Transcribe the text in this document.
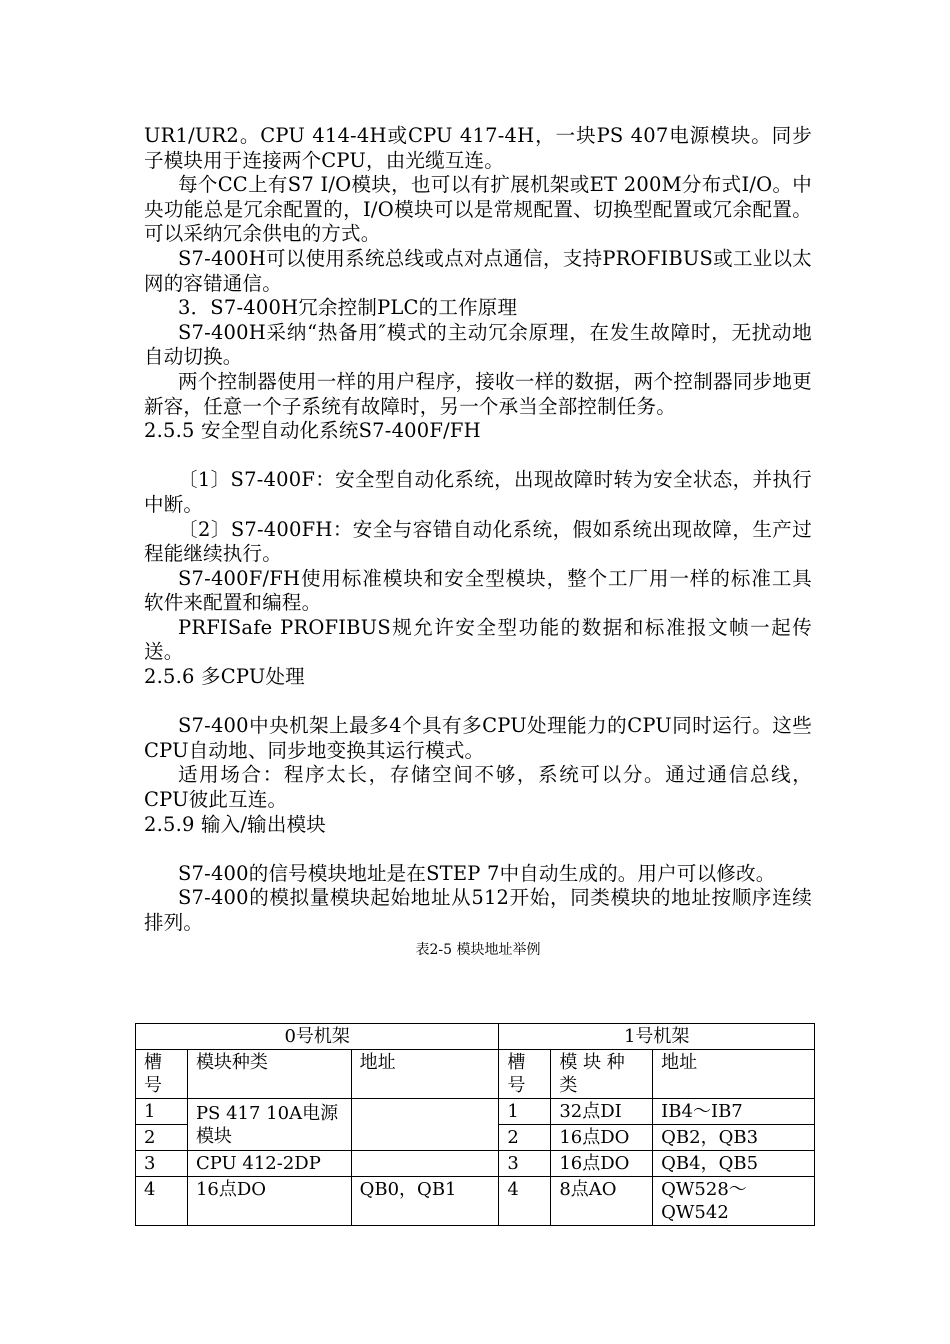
UR1/UR2。CPU 414-4H或CPU 417-4H，一块PS 407电源模块。同步子模块用于连接两个CPU，由光缆互连。

每个CC上有S7 I/O模块，也可以有扩展机架或ET 200M分布式I/O。中央功能总是冗余配置的，I/O模块可以是常规配置、切换型配置或冗余配置。可以采纳冗余供电的方式。

S7-400H可以使用系统总线或点对点通信，支持PROFIBUS或工业以太网的容错通信。

3．S7-400H冗余控制PLC的工作原理

S7-400H采纳“热备用″模式的主动冗余原理，在发生故障时，无扰动地自动切换。

两个控制器使用一样的用户程序，接收一样的数据，两个控制器同步地更新容，任意一个子系统有故障时，另一个承当全部控制任务。

2.5.5 安全型自动化系统S7-400F/FH

〔1〕S7-400F：安全型自动化系统，出现故障时转为安全状态，并执行中断。

〔2〕S7-400FH：安全与容错自动化系统，假如系统出现故障，生产过程能继续执行。

S7-400F/FH使用标准模块和安全型模块，整个工厂用一样的标准工具软件来配置和编程。

PRFISafe PROFIBUS规允许安全型功能的数据和标准报文帧一起传送。

2.5.6 多CPU处理

S7-400中央机架上最多4个具有多CPU处理能力的CPU同时运行。这些CPU自动地、同步地变换其运行模式。

适用场合：程序太长，存储空间不够，系统可以分。通过通信总线，CPU彼此互连。

2.5.9 输入/输出模块

S7-400的信号模块地址是在STEP 7中自动生成的。用户可以修改。

S7-400的模拟量模块起始地址从512开始，同类模块的地址按顺序连续排列。

表2-5 模块地址举例
0号机架			1号机架		
槽号	模块种类	地址	槽号	模 块 种 类	地址
1	PS 417 10A电源模块		1	32点DI	IB4～IB7
2			2	16点DO	QB2，QB3
3	CPU 412-2DP		3	16点DO	QB4，QB5
4	16点DO	QB0，QB1	4	8点AO	QW528～QW542
